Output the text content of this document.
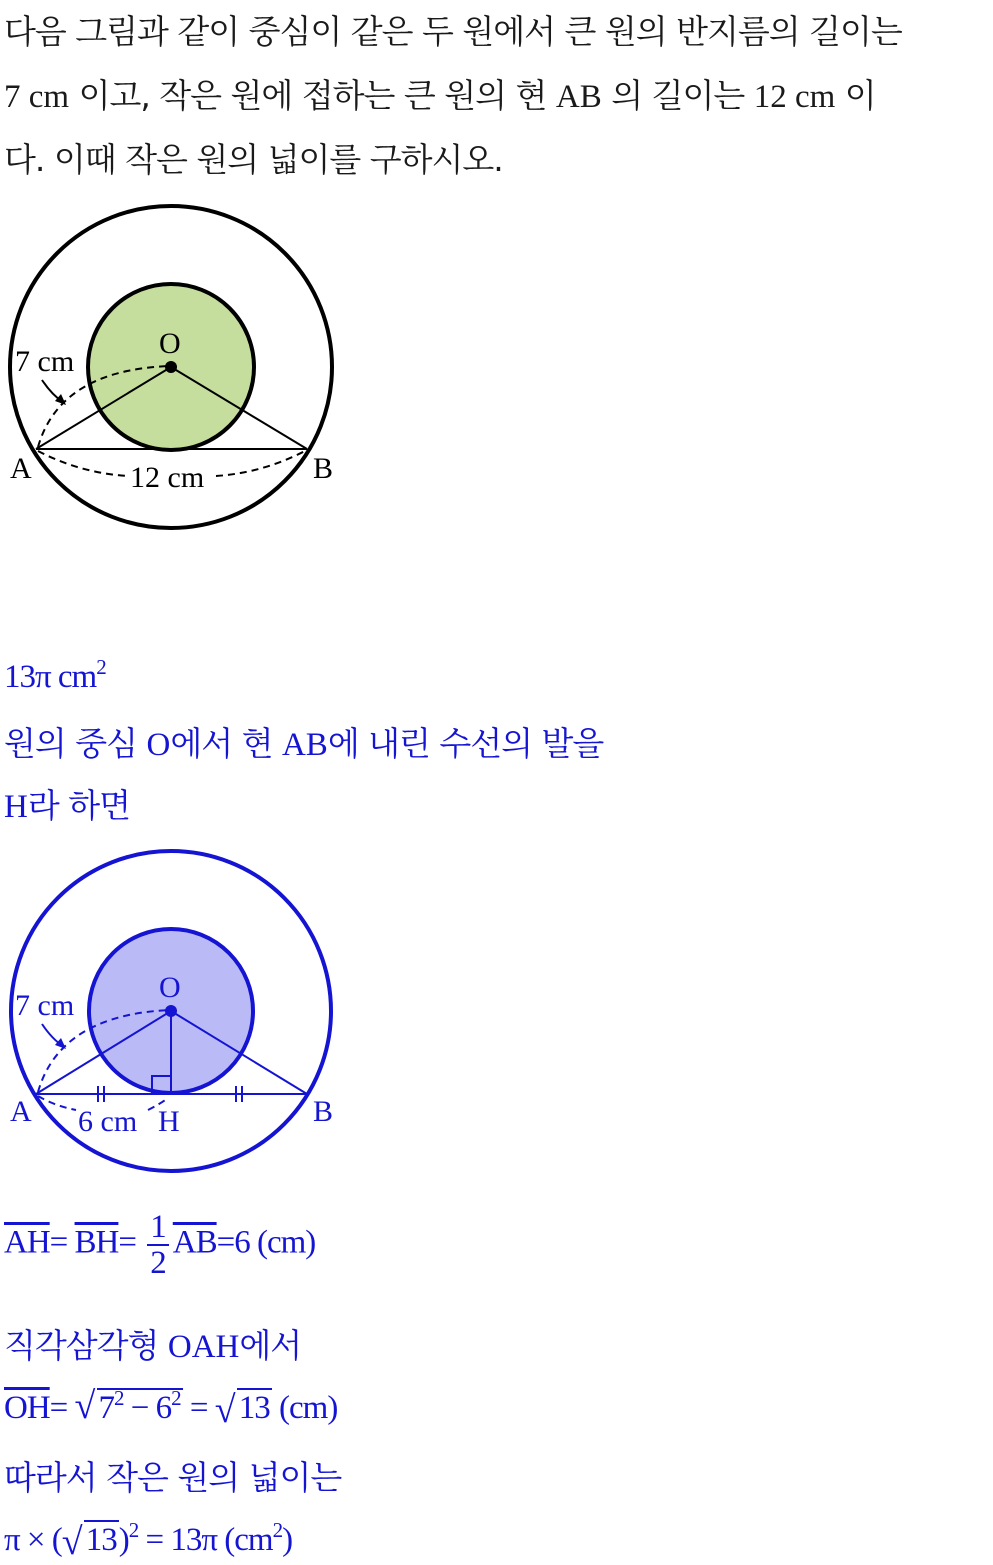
다음 그림과 같이 중심이 같은 두 원에서 큰 원의 반지름의 길이는
7 cm 이고, 작은 원에 접하는 큰 원의 현 AB 의 길이는 12 cm 이
다. 이때 작은 원의 넓이를 구하시오.
O
7 cm
A	B
12 cm
13π $cm^2$
원의 중심 O에서 현 AB에 내린 수선의 발을
H라 하면
O
7 cm
A	B
H
6 cm
$\overline{AH}= \overline{BH}= \frac{1}{2} \overline{AB}=6$ (cm)
직각삼각형 OAH에서
$\overline{OH}=$ √ $7^2 - 6^2$ = √ 13 (cm)
따라서 작은 원의 넓이는
π × ( √ 13)$^2$ = 13π $(cm^2)$
